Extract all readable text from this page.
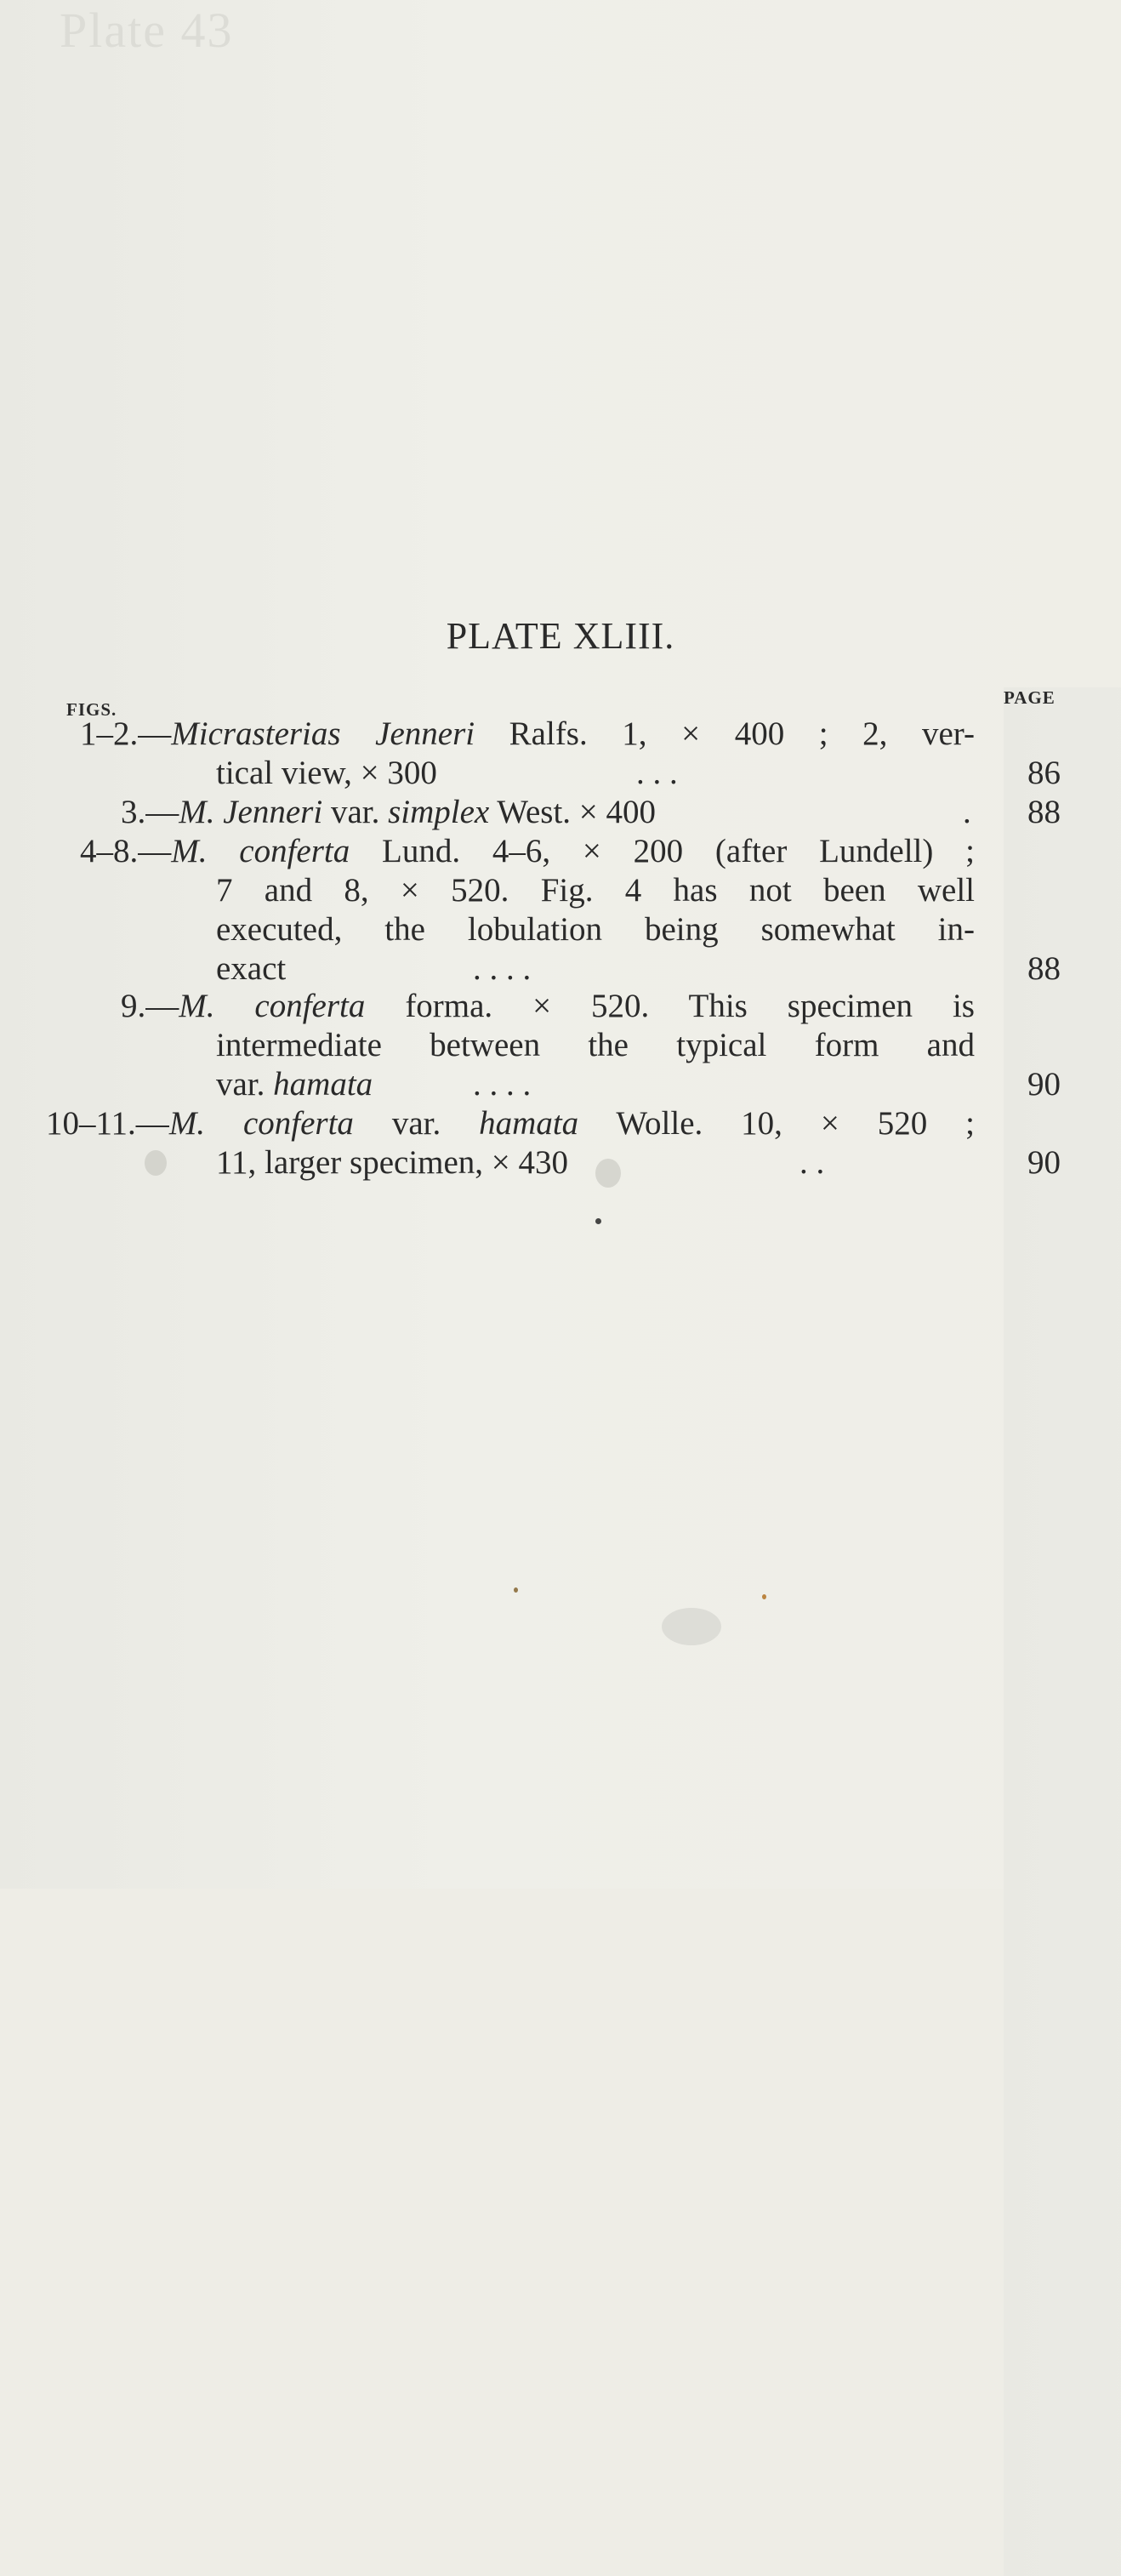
Plate 43
PLATE XLIII.
FIGS.
PAGE
1–2.—Micrasterias Jenneri Ralfs. 1, × 400 ; 2, ver-
tical view, × 300	. . .	86
3.—M. Jenneri var. simplex West. × 400	. 88
4–8.—M. conferta Lund. 4–6, × 200 (after Lundell) ;
7 and 8, × 520. Fig. 4 has not been well
executed, the lobulation being somewhat in-
exact	. . . .	88
9.—M. conferta forma. × 520. This specimen is
intermediate between the typical form and
var. hamata	. . . .	90
10–11.—M. conferta var. hamata Wolle. 10, × 520 ;
11, larger specimen, × 430	. .	90
